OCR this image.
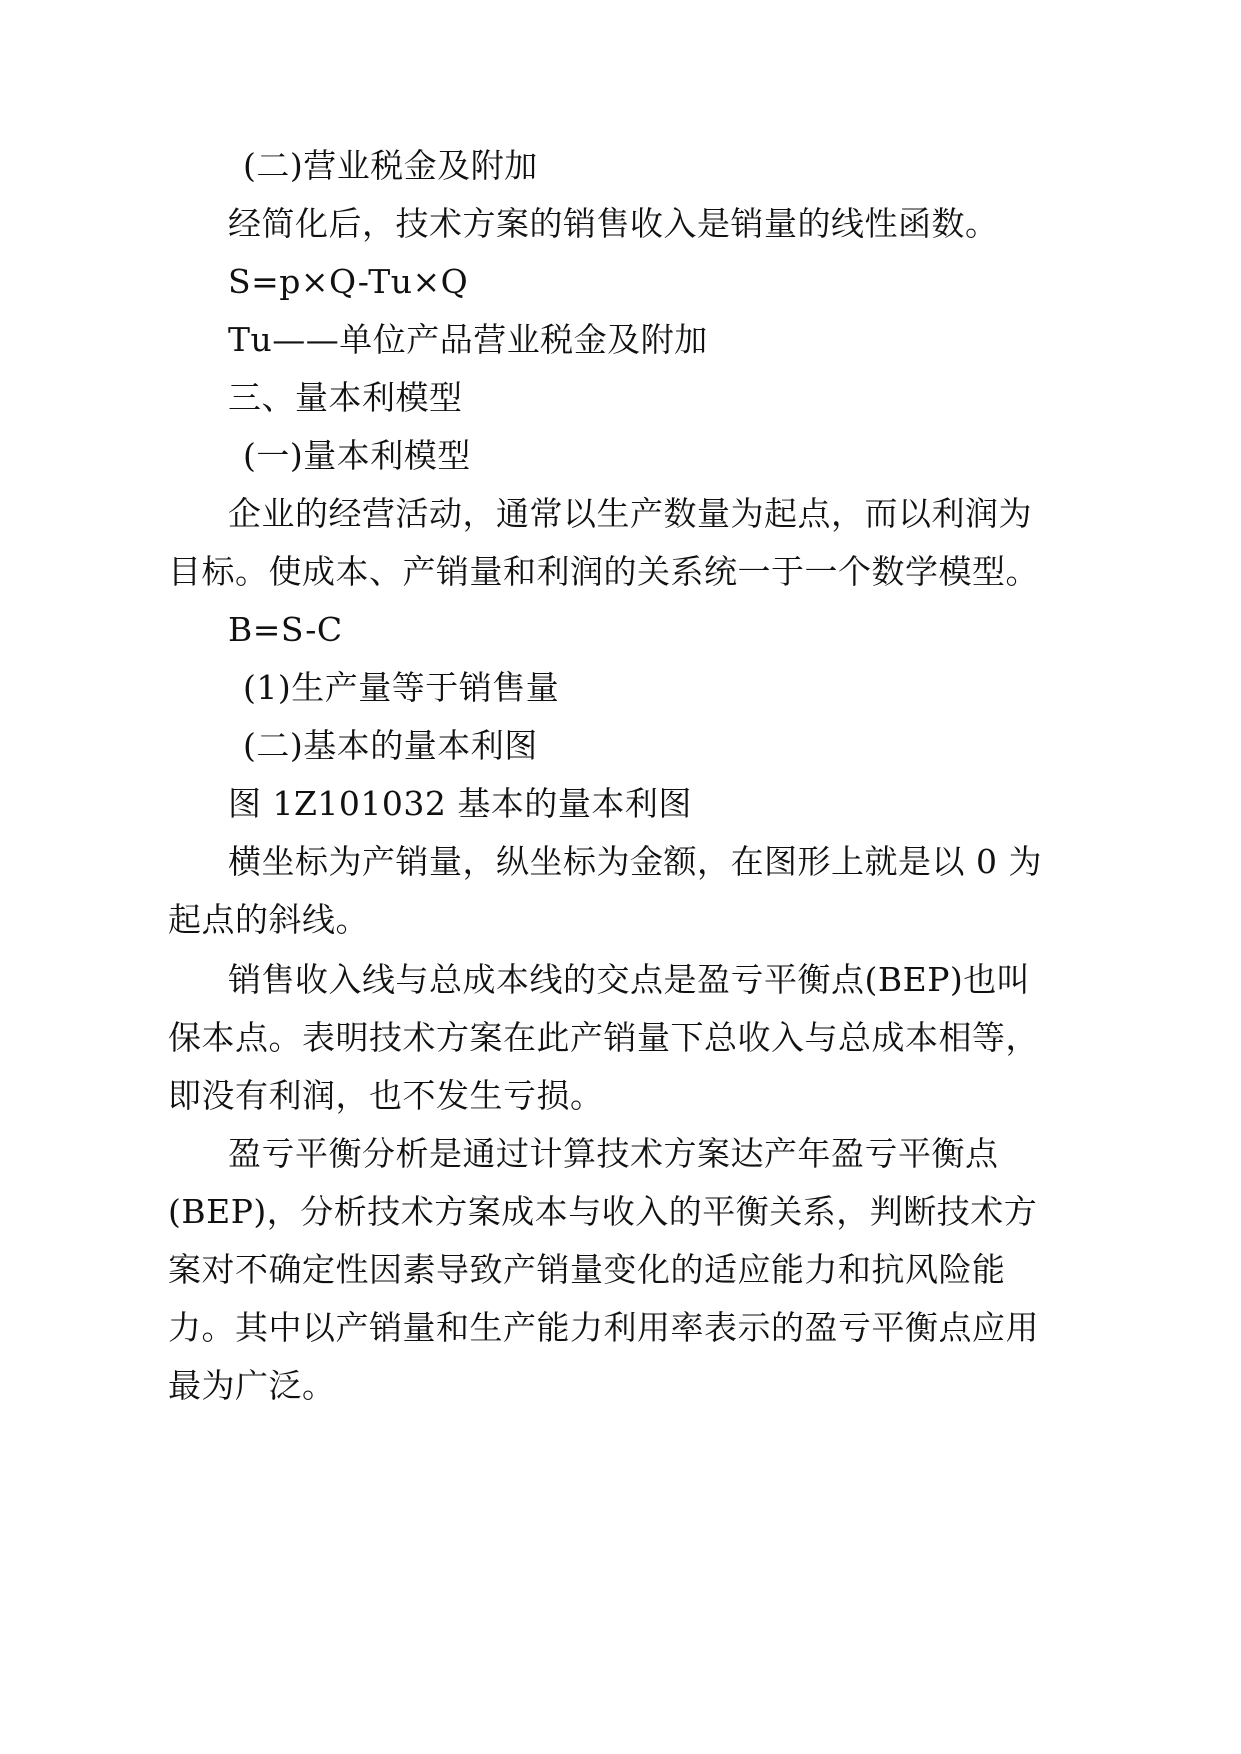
(二)营业税金及附加
经简化后，技术方案的销售收入是销量的线性函数。
S=p×Q-Tu×Q
Tu——单位产品营业税金及附加
三、量本利模型
(一)量本利模型
企业的经营活动，通常以生产数量为起点，而以利润为
目标。使成本、产销量和利润的关系统一于一个数学模型。
B=S-C
(1)生产量等于销售量
(二)基本的量本利图
图 1Z101032 基本的量本利图
横坐标为产销量，纵坐标为金额，在图形上就是以 0 为
起点的斜线。
销售收入线与总成本线的交点是盈亏平衡点(BEP)也叫
保本点。表明技术方案在此产销量下总收入与总成本相等，
即没有利润，也不发生亏损。
盈亏平衡分析是通过计算技术方案达产年盈亏平衡点
(BEP)，分析技术方案成本与收入的平衡关系，判断技术方
案对不确定性因素导致产销量变化的适应能力和抗风险能
力。其中以产销量和生产能力利用率表示的盈亏平衡点应用
最为广泛。
